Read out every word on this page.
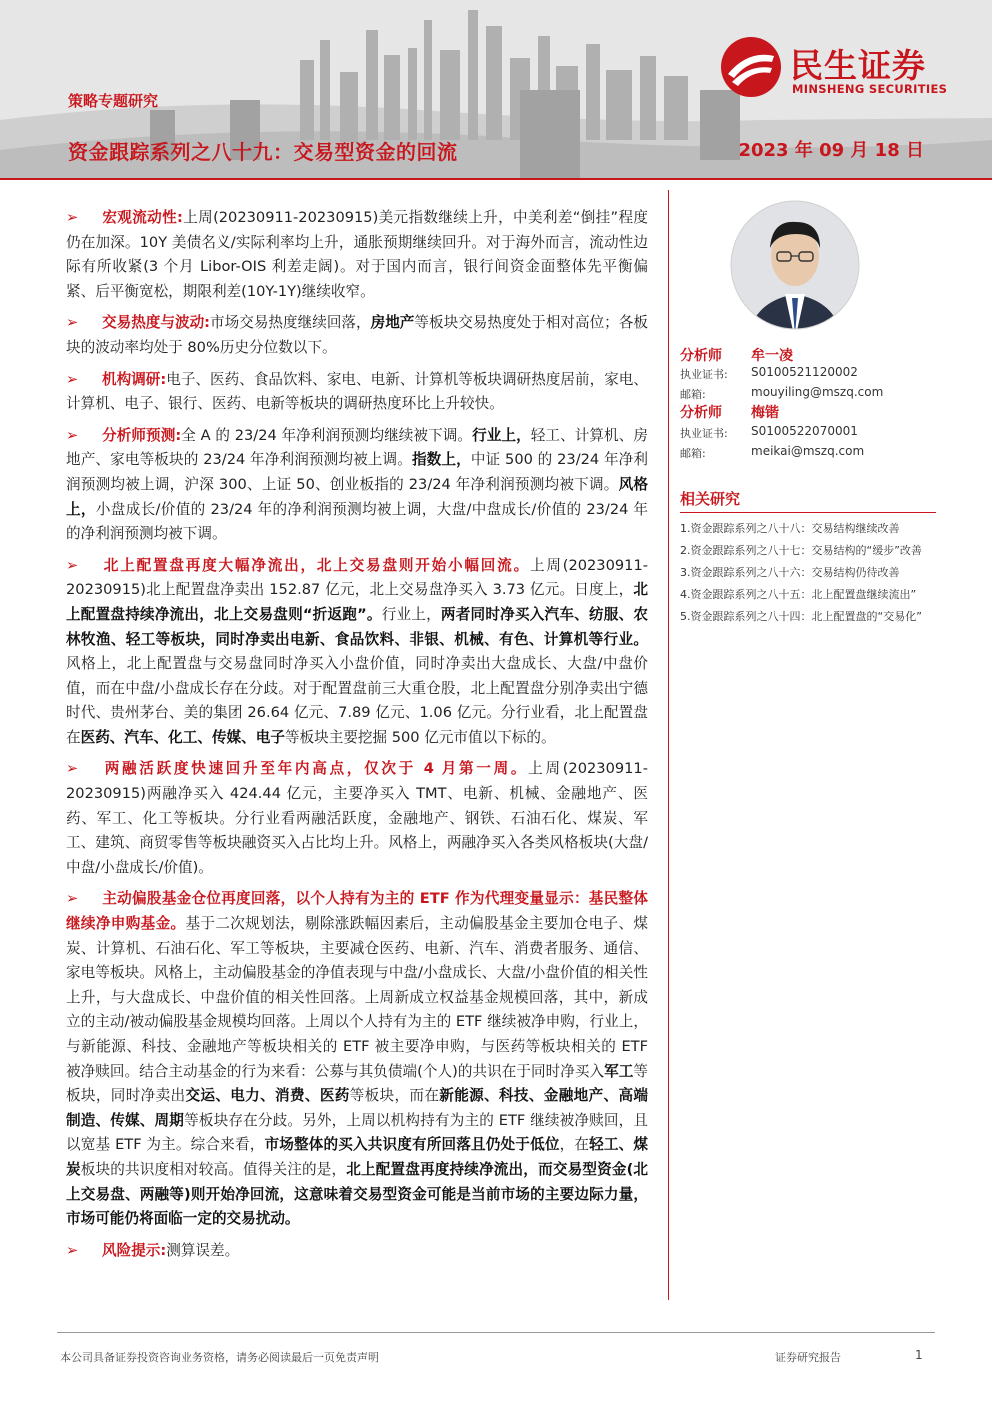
策略专题研究
资金跟踪系列之八十九：交易型资金的回流	2023 年 09 月 18 日
民生证券
MINSHENG SECURITIES
➢ 宏观流动性:上周(20230911-20230915)美元指数继续上升，中美利差“倒挂”程度仍在加深。10Y 美债名义/实际利率均上升，通胀预期继续回升。对于海外而言，流动性边际有所收紧(3 个月 Libor-OIS 利差走阔)。对于国内而言，银行间资金面整体先平衡偏紧、后平衡宽松，期限利差(10Y-1Y)继续收窄。
➢ 交易热度与波动:市场交易热度继续回落，房地产等板块交易热度处于相对高位；各板块的波动率均处于 80%历史分位数以下。
➢ 机构调研:电子、医药、食品饮料、家电、电新、计算机等板块调研热度居前，家电、计算机、电子、银行、医药、电新等板块的调研热度环比上升较快。
➢ 分析师预测:全 A 的 23/24 年净利润预测均继续被下调。行业上，轻工、计算机、房地产、家电等板块的 23/24 年净利润预测均被上调。指数上，中证 500 的 23/24 年净利润预测均被上调，沪深 300、上证 50、创业板指的 23/24 年净利润预测均被下调。风格上，小盘成长/价值的 23/24 年的净利润预测均被上调，大盘/中盘成长/价值的 23/24 年的净利润预测均被下调。
➢ 北上配置盘再度大幅净流出，北上交易盘则开始小幅回流。上周(20230911-20230915)北上配置盘净卖出 152.87 亿元，北上交易盘净买入 3.73 亿元。日度上，北上配置盘持续净流出，北上交易盘则“折返跑”。行业上，两者同时净买入汽车、纺服、农林牧渔、轻工等板块，同时净卖出电新、食品饮料、非银、机械、有色、计算机等行业。风格上，北上配置盘与交易盘同时净买入小盘价值，同时净卖出大盘成长、大盘/中盘价值，而在中盘/小盘成长存在分歧。对于配置盘前三大重仓股，北上配置盘分别净卖出宁德时代、贵州茅台、美的集团 26.64 亿元、7.89 亿元、1.06 亿元。分行业看，北上配置盘在医药、汽车、化工、传媒、电子等板块主要挖掘 500 亿元市值以下标的。
➢ 两融活跃度快速回升至年内高点，仅次于 4 月第一周。上周(20230911-20230915)两融净买入 424.44 亿元，主要净买入 TMT、电新、机械、金融地产、医药、军工、化工等板块。分行业看两融活跃度，金融地产、钢铁、石油石化、煤炭、军工、建筑、商贸零售等板块融资买入占比均上升。风格上，两融净买入各类风格板块(大盘/中盘/小盘成长/价值)。
➢ 主动偏股基金仓位再度回落，以个人持有为主的 ETF 作为代理变量显示：基民整体继续净申购基金。基于二次规划法，剔除涨跌幅因素后，主动偏股基金主要加仓电子、煤炭、计算机、石油石化、军工等板块，主要减仓医药、电新、汽车、消费者服务、通信、家电等板块。风格上，主动偏股基金的净值表现与中盘/小盘成长、大盘/小盘价值的相关性上升，与大盘成长、中盘价值的相关性回落。上周新成立权益基金规模回落，其中，新成立的主动/被动偏股基金规模均回落。上周以个人持有为主的 ETF 继续被净申购，行业上，与新能源、科技、金融地产等板块相关的 ETF 被主要净申购，与医药等板块相关的 ETF 被净赎回。结合主动基金的行为来看：公募与其负债端(个人)的共识在于同时净买入军工等板块，同时净卖出交运、电力、消费、医药等板块，而在新能源、科技、金融地产、高端制造、传媒、周期等板块存在分歧。另外，上周以机构持有为主的 ETF 继续被净赎回，且以宽基 ETF 为主。综合来看，市场整体的买入共识度有所回落且仍处于低位，在轻工、煤炭板块的共识度相对较高。值得关注的是，北上配置盘再度持续净流出，而交易型资金(北上交易盘、两融等)则开始净回流，这意味着交易型资金可能是当前市场的主要边际力量，市场可能仍将面临一定的交易扰动。
➢ 风险提示:测算误差。
分析师 牟一凌
执业证书: S0100521120002
邮箱:	mouyiling@mszq.com
分析师 梅锴
执业证书: S0100522070001
邮箱:	meikai@mszq.com
相关研究
1.资金跟踪系列之八十八：交易结构继续改善
2.资金跟踪系列之八十七：交易结构的“缓步”改善
3.资金跟踪系列之八十六：交易结构仍待改善
4.资金跟踪系列之八十五：北上配置盘继续流出”
5.资金跟踪系列之八十四：北上配置盘的“交易化”
本公司具备证券投资咨询业务资格，请务必阅读最后一页免责声明	证券研究报告	1
